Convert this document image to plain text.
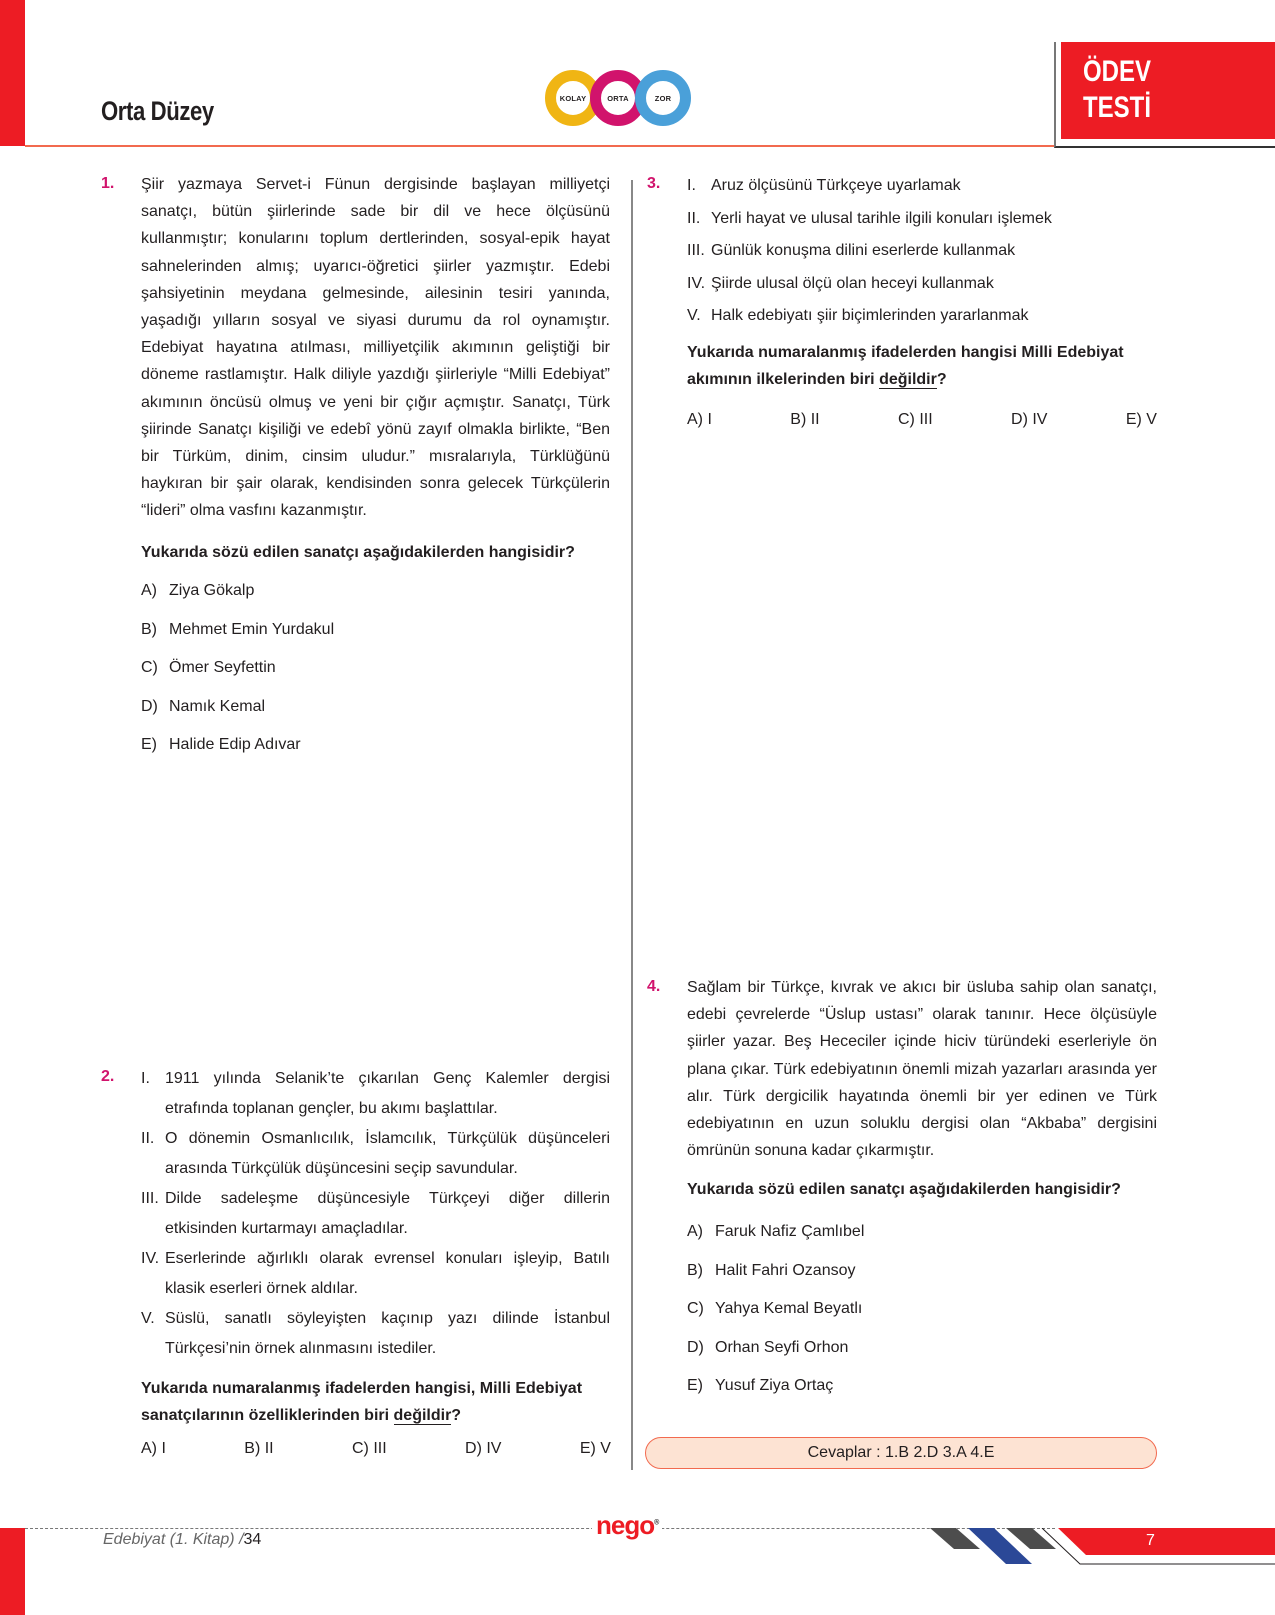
Orta Düzey	KOLAY	ORTA	ZOR
ÖDEV
TESTİ
1. Şiir yazmaya Servet-i Fünun dergisinde başlayan milliyetçi sanatçı, bütün şiirlerinde sade bir dil ve hece ölçüsünü kullanmıştır; konularını toplum dertlerinden, sosyal-epik hayat sahnelerinden almış; uyarıcı-öğretici şiirler yazmıştır. Edebi şahsiyetinin meydana gelmesinde, ailesinin tesiri yanında, yaşadığı yılların sosyal ve siyasi durumu da rol oynamıştır. Edebiyat hayatına atılması, milliyetçilik akımının geliştiği bir döneme rastlamıştır. Halk diliyle yazdığı şiirleriyle “Milli Edebiyat” akımının öncüsü olmuş ve yeni bir çığır açmıştır. Sanatçı, Türk şiirinde Sanatçı kişiliği ve edebî yönü zayıf olmakla birlikte, “Ben bir Türküm, dinim, cinsim uludur.” mısralarıyla, Türklüğünü haykıran bir şair olarak, kendisinden sonra gelecek Türkçülerin “lideri” olma vasfını kazanmıştır.

Yukarıda sözü edilen sanatçı aşağıdakilerden hangisidir?

A) Ziya Gökalp
B) Mehmet Emin Yurdakul
C) Ömer Seyfettin
D) Namık Kemal
E) Halide Edip Adıvar
2. I. 1911 yılında Selanik’te çıkarılan Genç Kalemler dergisi etrafında toplanan gençler, bu akımı başlattılar.
II. O dönemin Osmanlıcılık, İslamcılık, Türkçülük düşünceleri arasında Türkçülük düşüncesini seçip savundular.
III. Dilde sadeleşme düşüncesiyle Türkçeyi diğer dillerin etkisinden kurtarmayı amaçladılar.
IV. Eserlerinde ağırlıklı olarak evrensel konuları işleyip, Batılı klasik eserleri örnek aldılar.
V. Süslü, sanatlı söyleyişten kaçınıp yazı dilinde İstanbul Türkçesi’nin örnek alınmasını istediler.

Yukarıda numaralanmış ifadelerden hangisi, Milli Edebiyat sanatçılarının özelliklerinden biri değildir?

A) I	B) II	C) III	D) IV	E) V
3. I. Aruz ölçüsünü Türkçeye uyarlamak
II. Yerli hayat ve ulusal tarihle ilgili konuları işlemek
III. Günlük konuşma dilini eserlerde kullanmak
IV. Şiirde ulusal ölçü olan heceyi kullanmak
V. Halk edebiyatı şiir biçimlerinden yararlanmak

Yukarıda numaralanmış ifadelerden hangisi Milli Edebiyat akımının ilkelerinden biri değildir?

A) I	B) II	C) III	D) IV	E) V
4. Sağlam bir Türkçe, kıvrak ve akıcı bir üsluba sahip olan sanatçı, edebi çevrelerde “Üslup ustası” olarak tanınır. Hece ölçüsüyle şiirler yazar. Beş Hececiler içinde hiciv türündeki eserleriyle ön plana çıkar. Türk edebiyatının önemli mizah yazarları arasında yer alır. Türk dergicilik hayatında önemli bir yer edinen ve Türk edebiyatının en uzun soluklu dergisi olan “Akbaba” dergisini ömrünün sonuna kadar çıkarmıştır.

Yukarıda sözü edilen sanatçı aşağıdakilerden hangisidir?

A) Faruk Nafiz Çamlıbel
B) Halit Fahri Ozansoy
C) Yahya Kemal Beyatlı
D) Orhan Seyfi Orhon
E) Yusuf Ziya Ortaç
Cevaplar : 1.B 2.D 3.A 4.E
Edebiyat (1. Kitap) /34	nego®
7
